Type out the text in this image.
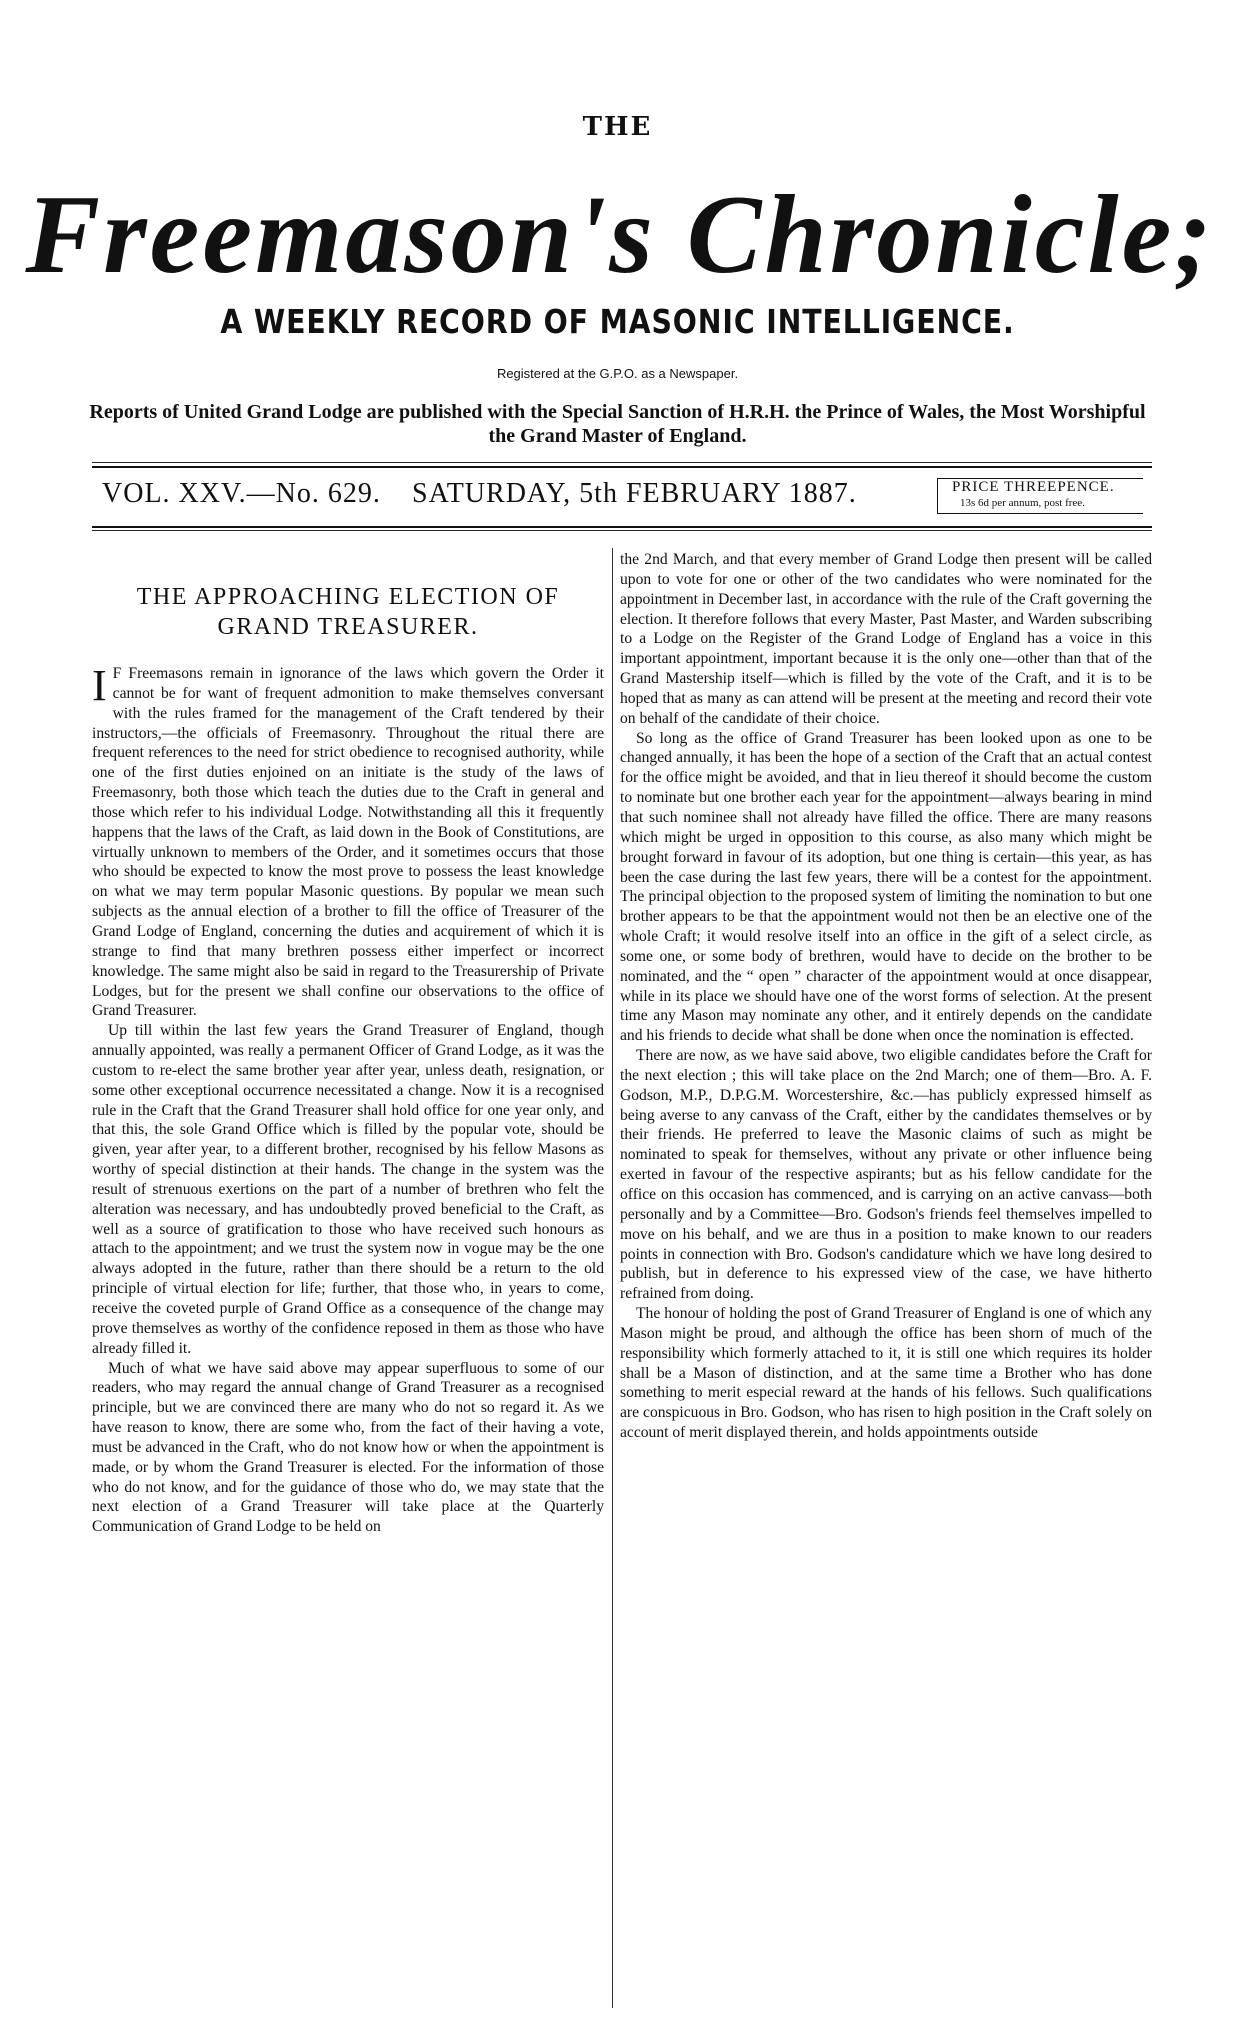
THE
Freemason's Chronicle;
A WEEKLY RECORD OF MASONIC INTELLIGENCE.
Registered at the G.P.O. as a Newspaper.
Reports of United Grand Lodge are published with the Special Sanction of H.R.H. the Prince of Wales, the Most Worshipful the Grand Master of England.
VOL. XXV.—No. 629. SATURDAY, 5th FEBRUARY 1887.	PRICE THREEPENCE.
13s 6d per annum, post free.
THE APPROACHING ELECTION OF GRAND TREASURER.

I F Freemasons remain in ignorance of the laws which govern the Order it cannot be for want of frequent admonition to make themselves conversant with the rules framed for the management of the Craft tendered by their instructors,—the officials of Freemasonry. Throughout the ritual there are frequent references to the need for strict obedience to recognised authority, while one of the first duties enjoined on an initiate is the study of the laws of Freemasonry, both those which teach the duties due to the Craft in general and those which refer to his individual Lodge. Notwithstanding all this it frequently happens that the laws of the Craft, as laid down in the Book of Constitutions, are virtually unknown to members of the Order, and it sometimes occurs that those who should be expected to know the most prove to possess the least knowledge on what we may term popular Masonic questions. By popular we mean such subjects as the annual election of a brother to fill the office of Treasurer of the Grand Lodge of England, concerning the duties and acquirement of which it is strange to find that many brethren possess either imperfect or incorrect knowledge. The same might also be said in regard to the Treasurership of Private Lodges, but for the present we shall confine our observations to the office of Grand Treasurer.

Up till within the last few years the Grand Treasurer of England, though annually appointed, was really a permanent Officer of Grand Lodge, as it was the custom to re-elect the same brother year after year, unless death, resignation, or some other exceptional occurrence necessitated a change. Now it is a recognised rule in the Craft that the Grand Treasurer shall hold office for one year only, and that this, the sole Grand Office which is filled by the popular vote, should be given, year after year, to a different brother, recognised by his fellow Masons as worthy of special distinction at their hands. The change in the system was the result of strenuous exertions on the part of a number of brethren who felt the alteration was necessary, and has undoubtedly proved beneficial to the Craft, as well as a source of gratification to those who have received such honours as attach to the appointment; and we trust the system now in vogue may be the one always adopted in the future, rather than there should be a return to the old principle of virtual election for life; further, that those who, in years to come, receive the coveted purple of Grand Office as a consequence of the change may prove themselves as worthy of the confidence reposed in them as those who have already filled it.

Much of what we have said above may appear superfluous to some of our readers, who may regard the annual change of Grand Treasurer as a recognised principle, but we are convinced there are many who do not so regard it. As we have reason to know, there are some who, from the fact of their having a vote, must be advanced in the Craft, who do not know how or when the appointment is made, or by whom the Grand Treasurer is elected. For the information of those who do not know, and for the guidance of those who do, we may state that the next election of a Grand Treasurer will take place at the Quarterly Communication of Grand Lodge to be held on

the 2nd March, and that every member of Grand Lodge then present will be called upon to vote for one or other of the two candidates who were nominated for the appointment in December last, in accordance with the rule of the Craft governing the election. It therefore follows that every Master, Past Master, and Warden subscribing to a Lodge on the Register of the Grand Lodge of England has a voice in this important appointment, important because it is the only one—other than that of the Grand Mastership itself—which is filled by the vote of the Craft, and it is to be hoped that as many as can attend will be present at the meeting and record their vote on behalf of the candidate of their choice.

So long as the office of Grand Treasurer has been looked upon as one to be changed annually, it has been the hope of a section of the Craft that an actual contest for the office might be avoided, and that in lieu thereof it should become the custom to nominate but one brother each year for the appointment—always bearing in mind that such nominee shall not already have filled the office. There are many reasons which might be urged in opposition to this course, as also many which might be brought forward in favour of its adoption, but one thing is certain—this year, as has been the case during the last few years, there will be a contest for the appointment. The principal objection to the proposed system of limiting the nomination to but one brother appears to be that the appointment would not then be an elective one of the whole Craft; it would resolve itself into an office in the gift of a select circle, as some one, or some body of brethren, would have to decide on the brother to be nominated, and the “ open ” character of the appointment would at once disappear, while in its place we should have one of the worst forms of selection. At the present time any Mason may nominate any other, and it entirely depends on the candidate and his friends to decide what shall be done when once the nomination is effected.

There are now, as we have said above, two eligible candidates before the Craft for the next election ; this will take place on the 2nd March; one of them—Bro. A. F. Godson, M.P., D.P.G.M. Worcestershire, &c.—has publicly expressed himself as being averse to any canvass of the Craft, either by the candidates themselves or by their friends. He preferred to leave the Masonic claims of such as might be nominated to speak for themselves, without any private or other influence being exerted in favour of the respective aspirants; but as his fellow candidate for the office on this occasion has commenced, and is carrying on an active canvass—both personally and by a Committee—Bro. Godson's friends feel themselves impelled to move on his behalf, and we are thus in a position to make known to our readers points in connection with Bro. Godson's candidature which we have long desired to publish, but in deference to his expressed view of the case, we have hitherto refrained from doing.

The honour of holding the post of Grand Treasurer of England is one of which any Mason might be proud, and although the office has been shorn of much of the responsibility which formerly attached to it, it is still one which requires its holder shall be a Mason of distinction, and at the same time a Brother who has done something to merit especial reward at the hands of his fellows. Such qualifications are conspicuous in Bro. Godson, who has risen to high position in the Craft solely on account of merit displayed therein, and holds appointments outside
